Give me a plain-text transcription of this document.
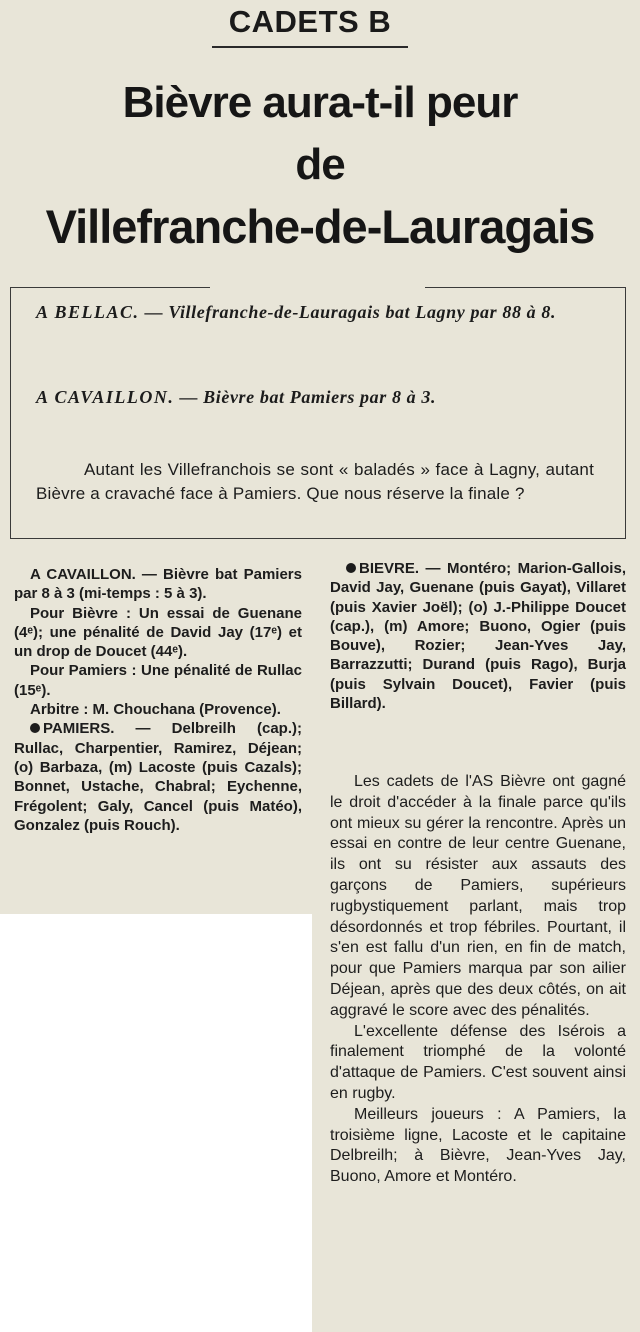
CADETS B
Bièvre aura-t-il peur
de
Villefranche-de-Lauragais
A BELLAC. — Villefranche-de-Lauragais bat Lagny par 88 à 8.
A CAVAILLON. — Bièvre bat Pamiers par 8 à 3.

Autant les Villefranchois se sont « baladés » face à Lagny, autant Bièvre a cravaché face à Pamiers. Que nous réserve la finale ?

A CAVAILLON. — Bièvre bat Pamiers par 8 à 3 (mi-temps : 5 à 3).

Pour Bièvre : Un essai de Guenane (4ᵉ); une pénalité de David Jay (17ᵉ) et un drop de Doucet (44ᵉ).

Pour Pamiers : Une pénalité de Rullac (15ᵉ).

Arbitre : M. Chouchana (Provence).

PAMIERS. — Delbreilh (cap.); Rullac, Charpentier, Ramirez, Déjean; (o) Barbaza, (m) Lacoste (puis Cazals); Bonnet, Ustache, Chabral; Eychenne, Frégolent; Galy, Cancel (puis Matéo), Gonzalez (puis Rouch).

BIEVRE. — Montéro; Marion-Gallois, David Jay, Guenane (puis Gayat), Villaret (puis Xavier Joël); (o) J.-Philippe Doucet (cap.), (m) Amore; Buono, Ogier (puis Bouve), Rozier; Jean-Yves Jay, Barrazzutti; Durand (puis Rago), Burja (puis Sylvain Doucet), Favier (puis Billard).

Les cadets de l'AS Bièvre ont gagné le droit d'accéder à la finale parce qu'ils ont mieux su gérer la rencontre. Après un essai en contre de leur centre Guenane, ils ont su résister aux assauts des garçons de Pamiers, supérieurs rugbystiquement parlant, mais trop désordonnés et trop fébriles. Pourtant, il s'en est fallu d'un rien, en fin de match, pour que Pamiers marqua par son ailier Déjean, après que des deux côtés, on ait aggravé le score avec des pénalités.

L'excellente défense des Isérois a finalement triomphé de la volonté d'attaque de Pamiers. C'est souvent ainsi en rugby.

Meilleurs joueurs : A Pamiers, la troisième ligne, Lacoste et le capitaine Delbreilh; à Bièvre, Jean-Yves Jay, Buono, Amore et Montéro.
